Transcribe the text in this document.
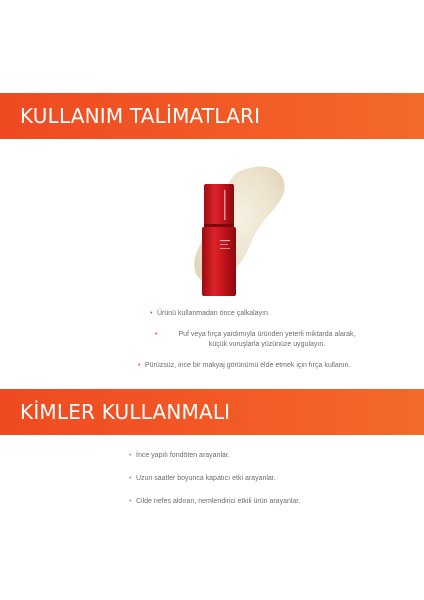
KULLANIM TALİMATLARI
• Ürünü kullanmadan önce çalkalayın.
•	Puf veya fırça yardımıyla üründen yeterli miktarda alarak,
küçük vuruşlarla yüzünüze uygulayın.
• Pürüzsüz, ince bir makyaj görünümü elde etmek için fırça kullanın.
KİMLER KULLANMALI
• İnce yapılı fondöten arayanlar.
• Uzun saatler boyunca kapatıcı etki arayanlar.
• Cilde nefes aldıran, nemlendirici etkili ürün arayanlar.
